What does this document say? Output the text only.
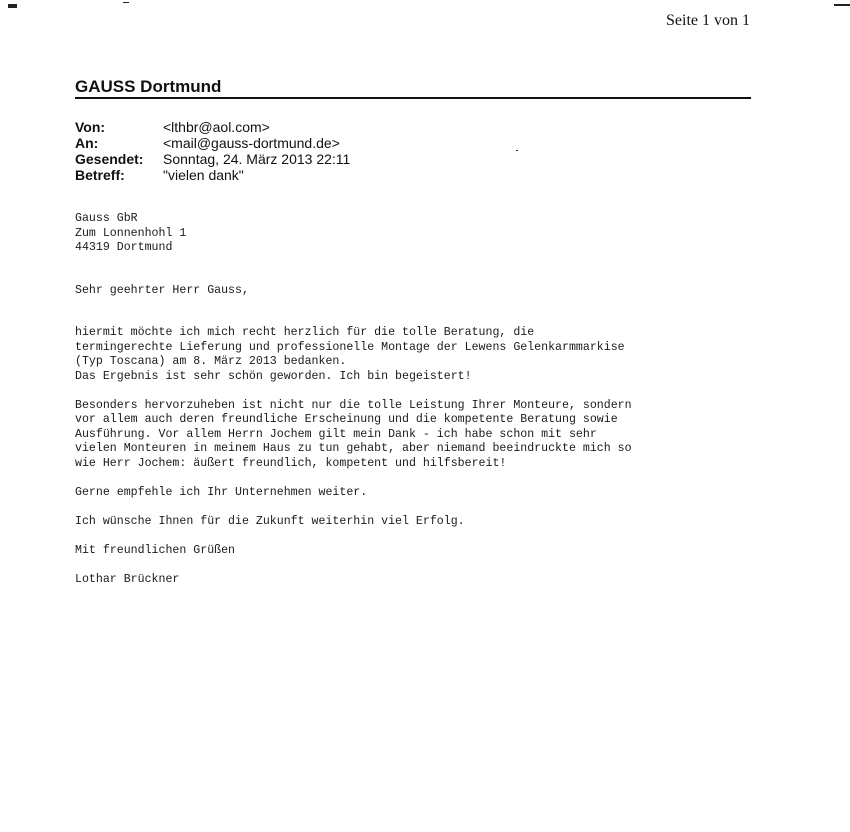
Seite 1 von 1
GAUSS Dortmund
Von:	<lthbr@aol.com>
An:	<mail@gauss-dortmund.de>
Gesendet:	Sonntag, 24. März 2013 22:11
Betreff:	"vielen dank"
Gauss GbR
Zum Lonnenhohl 1
44319 Dortmund
Sehr geehrter Herr Gauss,
hiermit möchte ich mich recht herzlich für die tolle Beratung, die
termingerechte Lieferung und professionelle Montage der Lewens Gelenkarmmarkise
(Typ Toscana) am 8. März 2013 bedanken.
Das Ergebnis ist sehr schön geworden. Ich bin begeistert!
Besonders hervorzuheben ist nicht nur die tolle Leistung Ihrer Monteure, sondern
vor allem auch deren freundliche Erscheinung und die kompetente Beratung sowie
Ausführung. Vor allem Herrn Jochem gilt mein Dank - ich habe schon mit sehr
vielen Monteuren in meinem Haus zu tun gehabt, aber niemand beeindruckte mich so
wie Herr Jochem: äußert freundlich, kompetent und hilfsbereit!
Gerne empfehle ich Ihr Unternehmen weiter.
Ich wünsche Ihnen für die Zukunft weiterhin viel Erfolg.
Mit freundlichen Grüßen
Lothar Brückner
